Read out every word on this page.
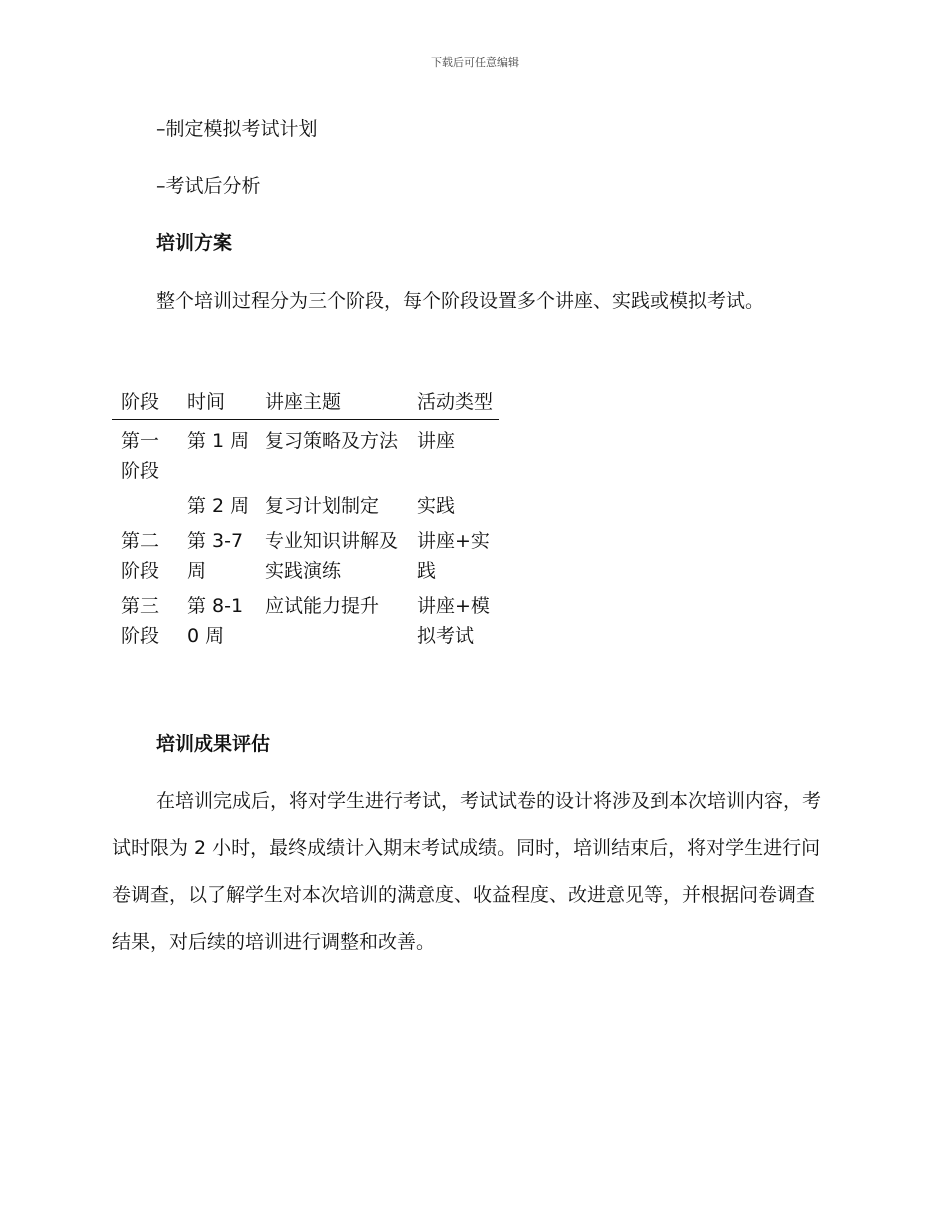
下载后可任意编辑

–制定模拟考试计划

–考试后分析

培训方案

整个培训过程分为三个阶段，每个阶段设置多个讲座、实践或模拟考试。

阶段	时间	讲座主题	活动类型
第一阶段	第 1 周	复习策略及方法	讲座
	第 2 周	复习计划制定	实践
第二阶段	第 3-7 周	专业知识讲解及实践演练	讲座+实践
第三阶段	第 8-10 周	应试能力提升	讲座+模拟考试

培训成果评估

在培训完成后，将对学生进行考试，考试试卷的设计将涉及到本次培训内容，考试时限为 2 小时，最终成绩计入期末考试成绩。同时，培训结束后，将对学生进行问卷调查，以了解学生对本次培训的满意度、收益程度、改进意见等，并根据问卷调查结果，对后续的培训进行调整和改善。
